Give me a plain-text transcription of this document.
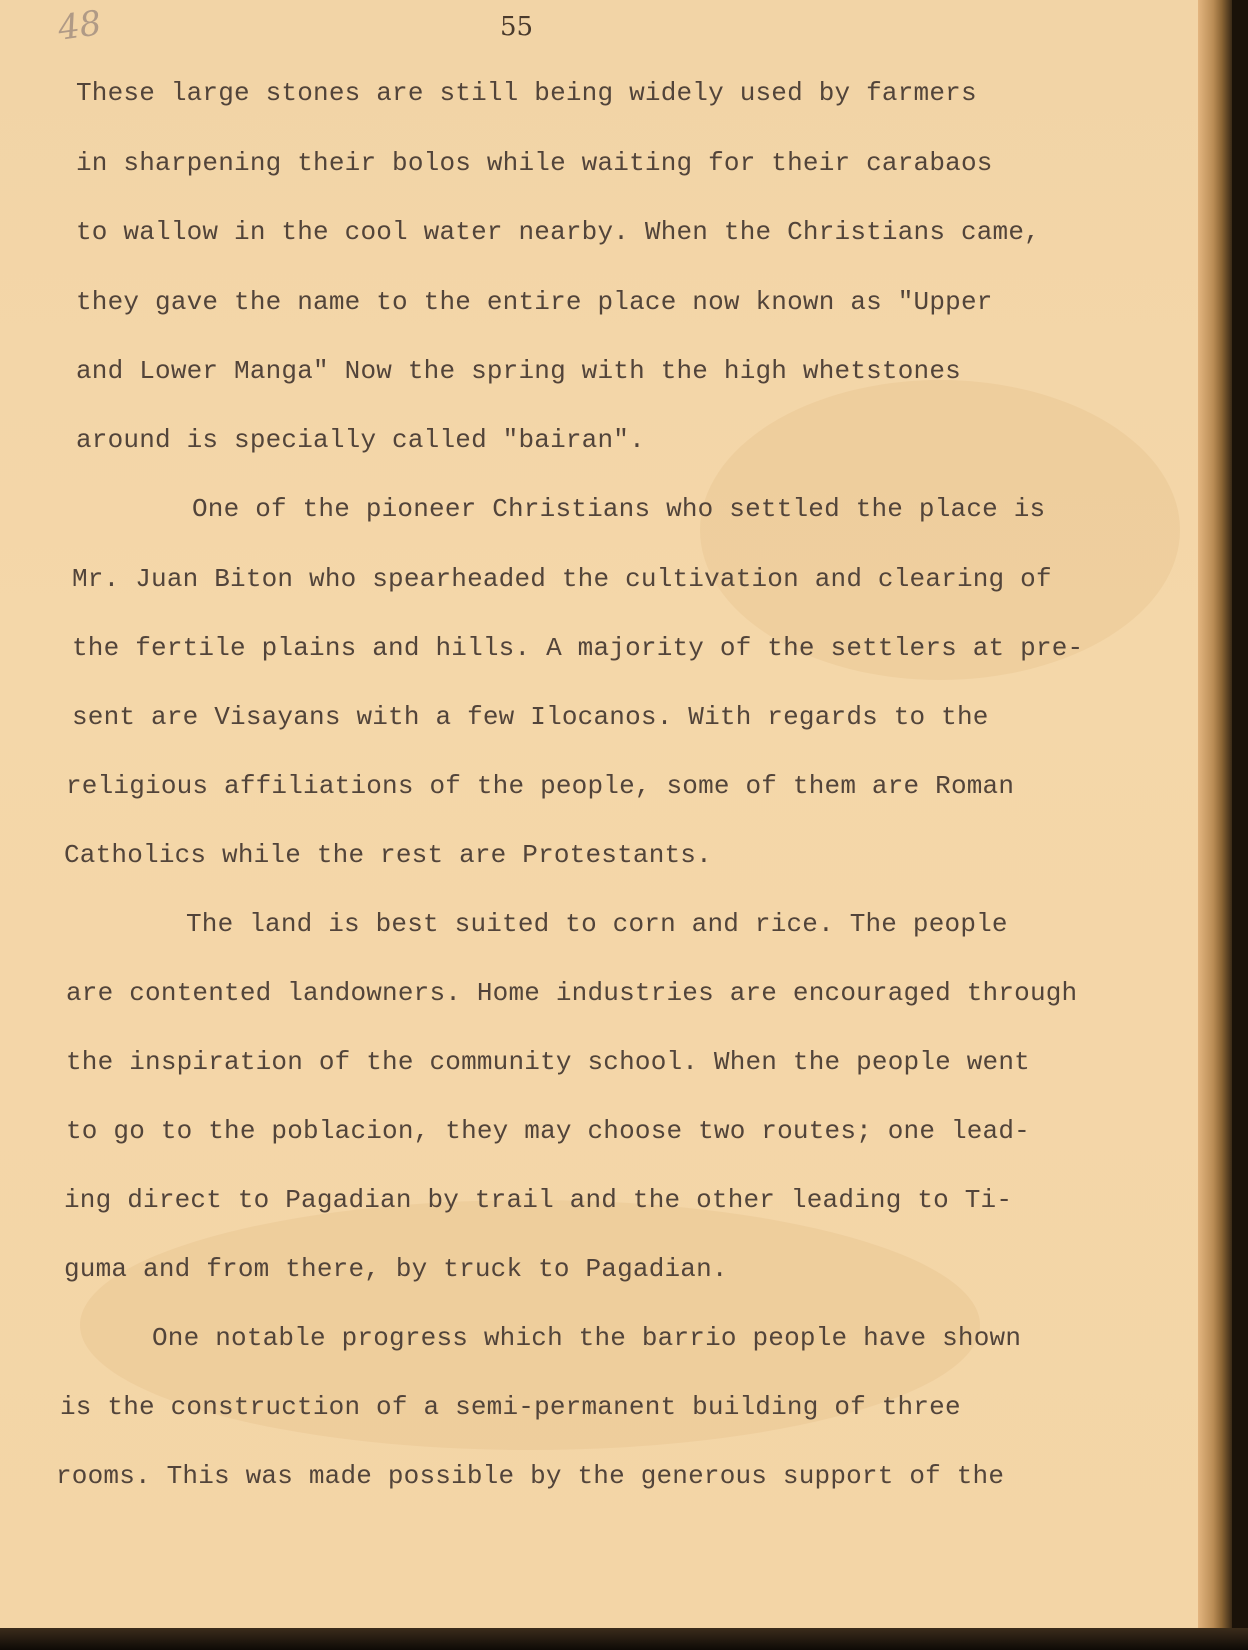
48	55
These large stones are still being widely used by farmers
in sharpening their bolos while waiting for their carabaos
to wallow in the cool water nearby. When the Christians came,
they gave the name to the entire place now known as "Upper
and Lower Manga" Now the spring with the high whetstones
around is specially called "bairan".
One of the pioneer Christians who settled the place is
Mr. Juan Biton who spearheaded the cultivation and clearing of
the fertile plains and hills. A majority of the settlers at pre-
sent are Visayans with a few Ilocanos. With regards to the
religious affiliations of the people, some of them are Roman
Catholics while the rest are Protestants.
The land is best suited to corn and rice. The people
are contented landowners. Home industries are encouraged through
the inspiration of the community school. When the people went
to go to the poblacion, they may choose two routes; one lead-
ing direct to Pagadian by trail and the other leading to Ti-
guma and from there, by truck to Pagadian.
One notable progress which the barrio people have shown
is the construction of a semi-permanent building of three
rooms. This was made possible by the generous support of the
